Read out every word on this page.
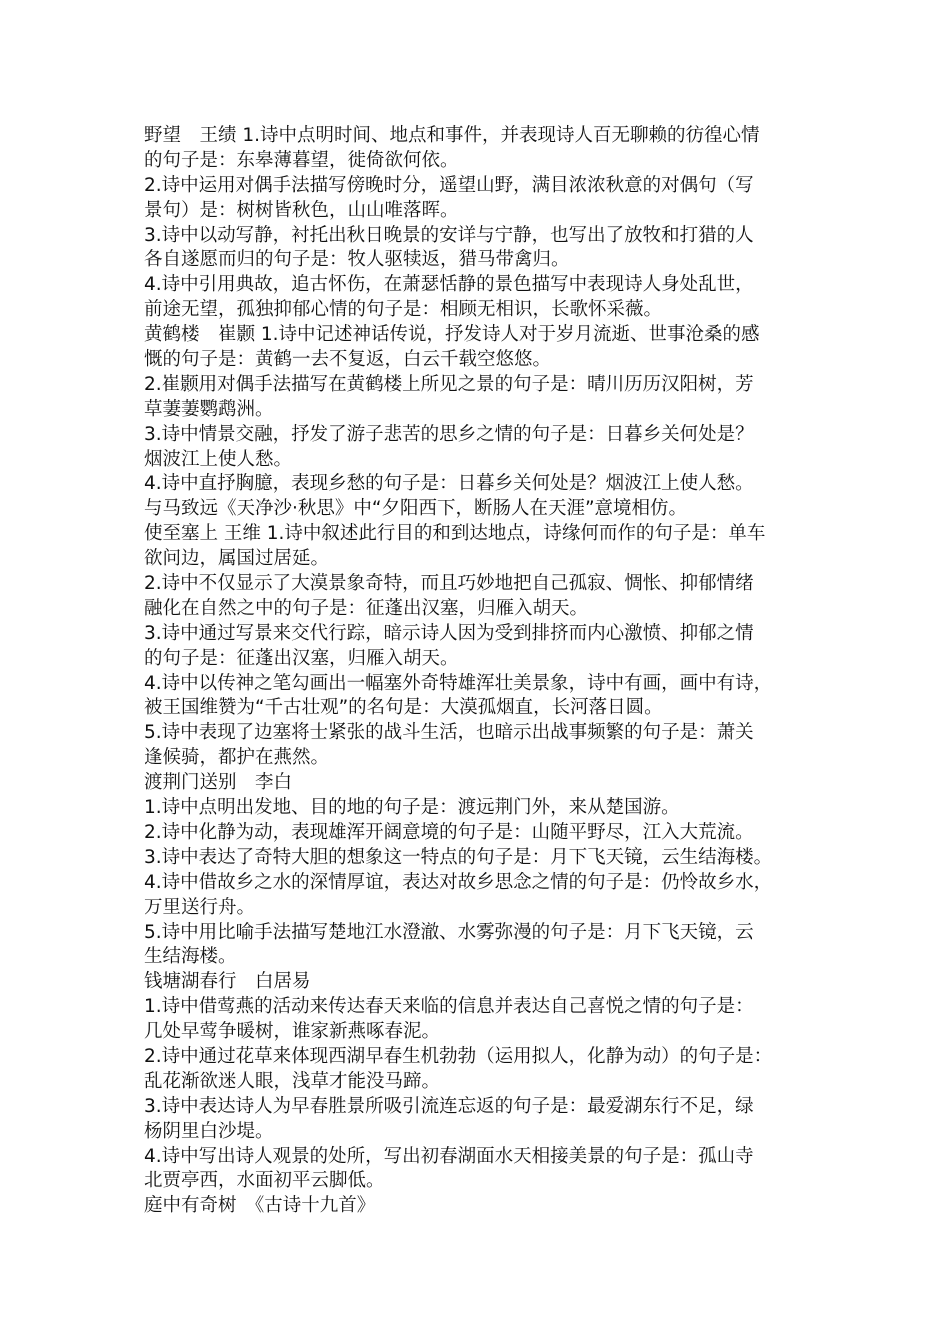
野望　王绩 1.诗中点明时间、地点和事件，并表现诗人百无聊赖的彷徨心情
的句子是：东皋薄暮望，徙倚欲何依。
2.诗中运用对偶手法描写傍晚时分，遥望山野，满目浓浓秋意的对偶句（写
景句）是：树树皆秋色，山山唯落晖。
3.诗中以动写静，衬托出秋日晚景的安详与宁静，也写出了放牧和打猎的人
各自遂愿而归的句子是：牧人驱犊返，猎马带禽归。
4.诗中引用典故，追古怀伤，在萧瑟恬静的景色描写中表现诗人身处乱世，
前途无望，孤独抑郁心情的句子是：相顾无相识，长歌怀采薇。
黄鹤楼　崔颢 1.诗中记述神话传说，抒发诗人对于岁月流逝、世事沧桑的感
慨的句子是：黄鹤一去不复返，白云千载空悠悠。
2.崔颢用对偶手法描写在黄鹤楼上所见之景的句子是：晴川历历汉阳树，芳
草萋萋鹦鹉洲。
3.诗中情景交融，抒发了游子悲苦的思乡之情的句子是：日暮乡关何处是？
烟波江上使人愁。
4.诗中直抒胸臆，表现乡愁的句子是：日暮乡关何处是？烟波江上使人愁。
与马致远《天净沙·秋思》中“夕阳西下，断肠人在天涯”意境相仿。
使至塞上 王维 1.诗中叙述此行目的和到达地点，诗缘何而作的句子是：单车
欲问边，属国过居延。
2.诗中不仅显示了大漠景象奇特，而且巧妙地把自己孤寂、惆怅、抑郁情绪
融化在自然之中的句子是：征蓬出汉塞，归雁入胡天。
3.诗中通过写景来交代行踪，暗示诗人因为受到排挤而内心激愤、抑郁之情
的句子是：征蓬出汉塞，归雁入胡天。
4.诗中以传神之笔勾画出一幅塞外奇特雄浑壮美景象，诗中有画，画中有诗，
被王国维赞为“千古壮观”的名句是：大漠孤烟直，长河落日圆。
5.诗中表现了边塞将士紧张的战斗生活，也暗示出战事频繁的句子是：萧关
逢候骑，都护在燕然。
渡荆门送别　李白
1.诗中点明出发地、目的地的句子是：渡远荆门外，来从楚国游。
2.诗中化静为动，表现雄浑开阔意境的句子是：山随平野尽，江入大荒流。
3.诗中表达了奇特大胆的想象这一特点的句子是：月下飞天镜，云生结海楼。
4.诗中借故乡之水的深情厚谊，表达对故乡思念之情的句子是：仍怜故乡水，
万里送行舟。
5.诗中用比喻手法描写楚地江水澄澈、水雾弥漫的句子是：月下飞天镜，云
生结海楼。
钱塘湖春行　白居易
1.诗中借莺燕的活动来传达春天来临的信息并表达自己喜悦之情的句子是：
几处早莺争暖树，谁家新燕啄春泥。
2.诗中通过花草来体现西湖早春生机勃勃（运用拟人，化静为动）的句子是：
乱花渐欲迷人眼，浅草才能没马蹄。
3.诗中表达诗人为早春胜景所吸引流连忘返的句子是：最爱湖东行不足，绿
杨阴里白沙堤。
4.诗中写出诗人观景的处所，写出初春湖面水天相接美景的句子是：孤山寺
北贾亭西，水面初平云脚低。
庭中有奇树　《古诗十九首》
